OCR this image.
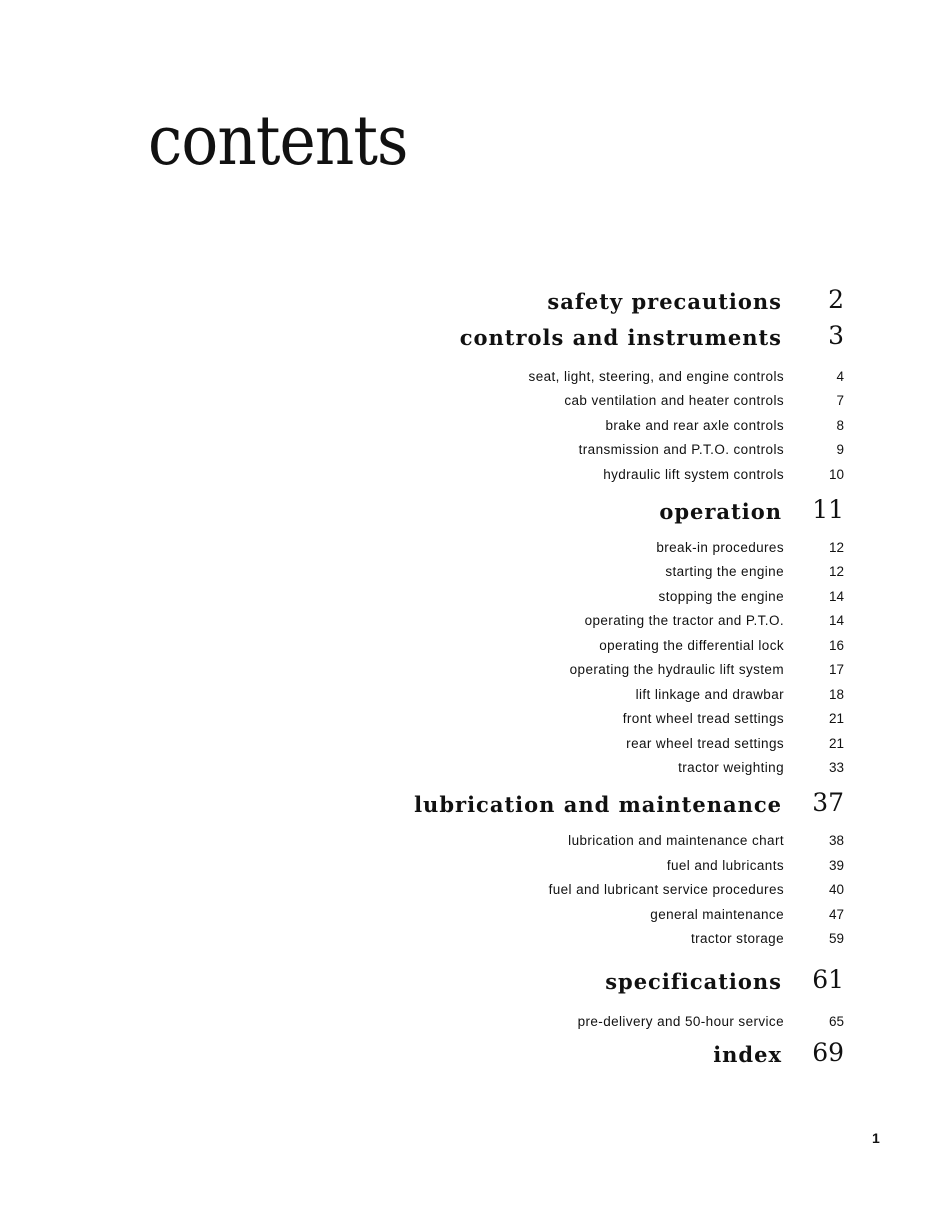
contents
safety precautions 2
controls and instruments 3
seat, light, steering, and engine controls	4
cab ventilation and heater controls	7
brake and rear axle controls	8
transmission and P.T.O. controls	9
hydraulic lift system controls	10
operation 11
break-in procedures	12
starting the engine	12
stopping the engine	14
operating the tractor and P.T.O.	14
operating the differential lock	16
operating the hydraulic lift system	17
lift linkage and drawbar	18
front wheel tread settings	21
rear wheel tread settings	21
tractor weighting	33
lubrication and maintenance 37
lubrication and maintenance chart	38
fuel and lubricants	39
fuel and lubricant service procedures	40
general maintenance	47
tractor storage	59
specifications 61
pre-delivery and 50-hour service	65
index 69
1
